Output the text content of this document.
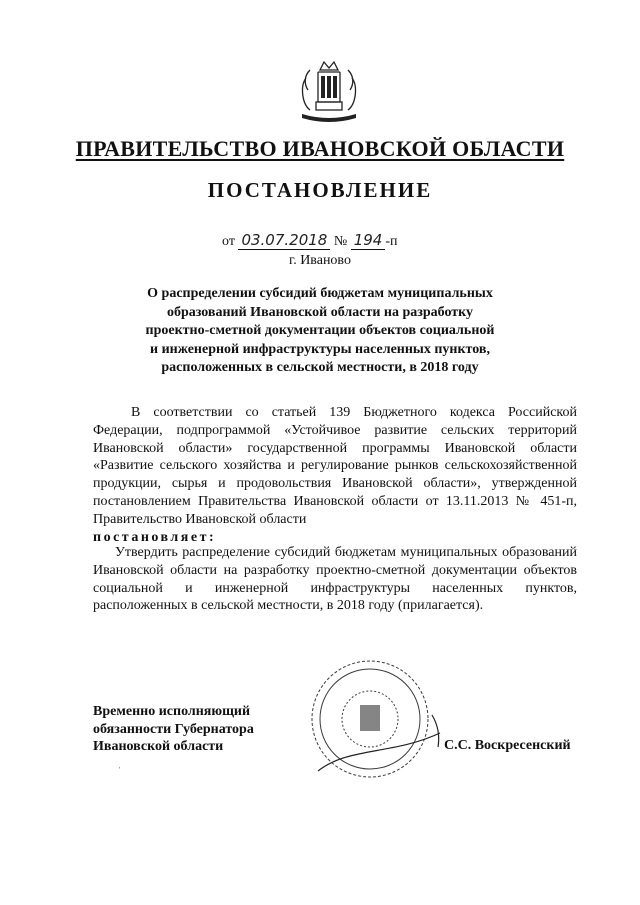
ПРАВИТЕЛЬСТВО ИВАНОВСКОЙ ОБЛАСТИ
ПОСТАНОВЛЕНИЕ
от 03.07.2018 № 194 -п
г. Иваново
О распределении субсидий бюджетам муниципальных
образований Ивановской области на разработку
проектно-сметной документации объектов социальной
и инженерной инфраструктуры населенных пунктов,
расположенных в сельской местности, в 2018 году
В соответствии со статьей 139 Бюджетного кодекса Российской Федерации, подпрограммой «Устойчивое развитие сельских территорий Ивановской области» государственной программы Ивановской области «Развитие сельского хозяйства и регулирование рынков сельскохозяйственной продукции, сырья и продовольствия Ивановской области», утвержденной постановлением Правительства Ивановской области от 13.11.2013 № 451-п, Правительство Ивановской области
постановляет:
Утвердить распределение субсидий бюджетам муниципальных образований Ивановской области на разработку проектно-сметной документации объектов социальной и инженерной инфраструктуры населенных пунктов, расположенных в сельской местности, в 2018 году (прилагается).
Временно исполняющий
обязанности Губернатора
Ивановской области	С.С. Воскресенский
ˌ
